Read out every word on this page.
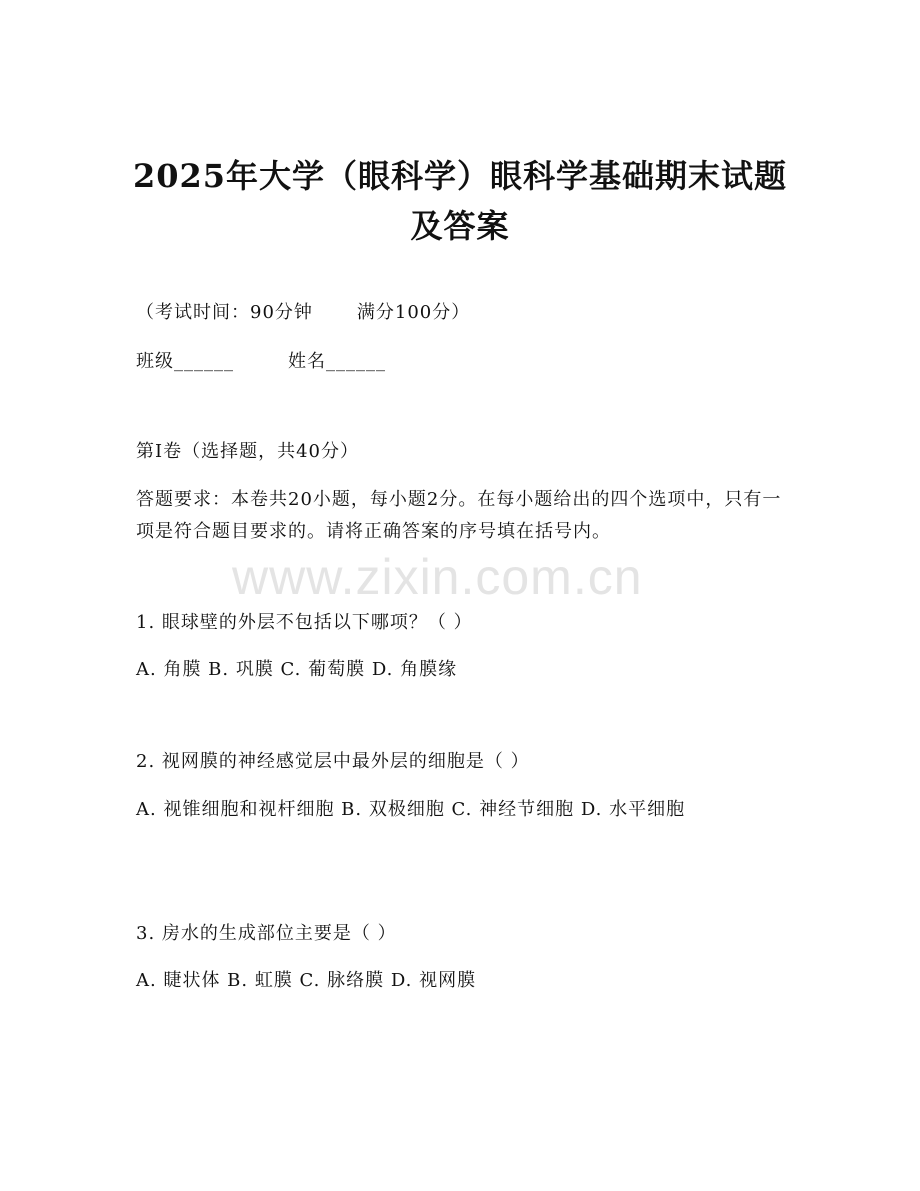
2025年大学（眼科学）眼科学基础期末试题
及答案
（考试时间：90分钟 满分100分）
班级______	姓名______
第I卷（选择题，共40分）
答题要求：本卷共20小题，每小题2分。在每小题给出的四个选项中，只有一项是符合题目要求的。请将正确答案的序号填在括号内。
www.zixin.com.cn
1. 眼球壁的外层不包括以下哪项？（ ）
A. 角膜 B. 巩膜 C. 葡萄膜 D. 角膜缘
2. 视网膜的神经感觉层中最外层的细胞是（ ）
A. 视锥细胞和视杆细胞 B. 双极细胞 C. 神经节细胞 D. 水平细胞
3. 房水的生成部位主要是（ ）
A. 睫状体 B. 虹膜 C. 脉络膜 D. 视网膜
